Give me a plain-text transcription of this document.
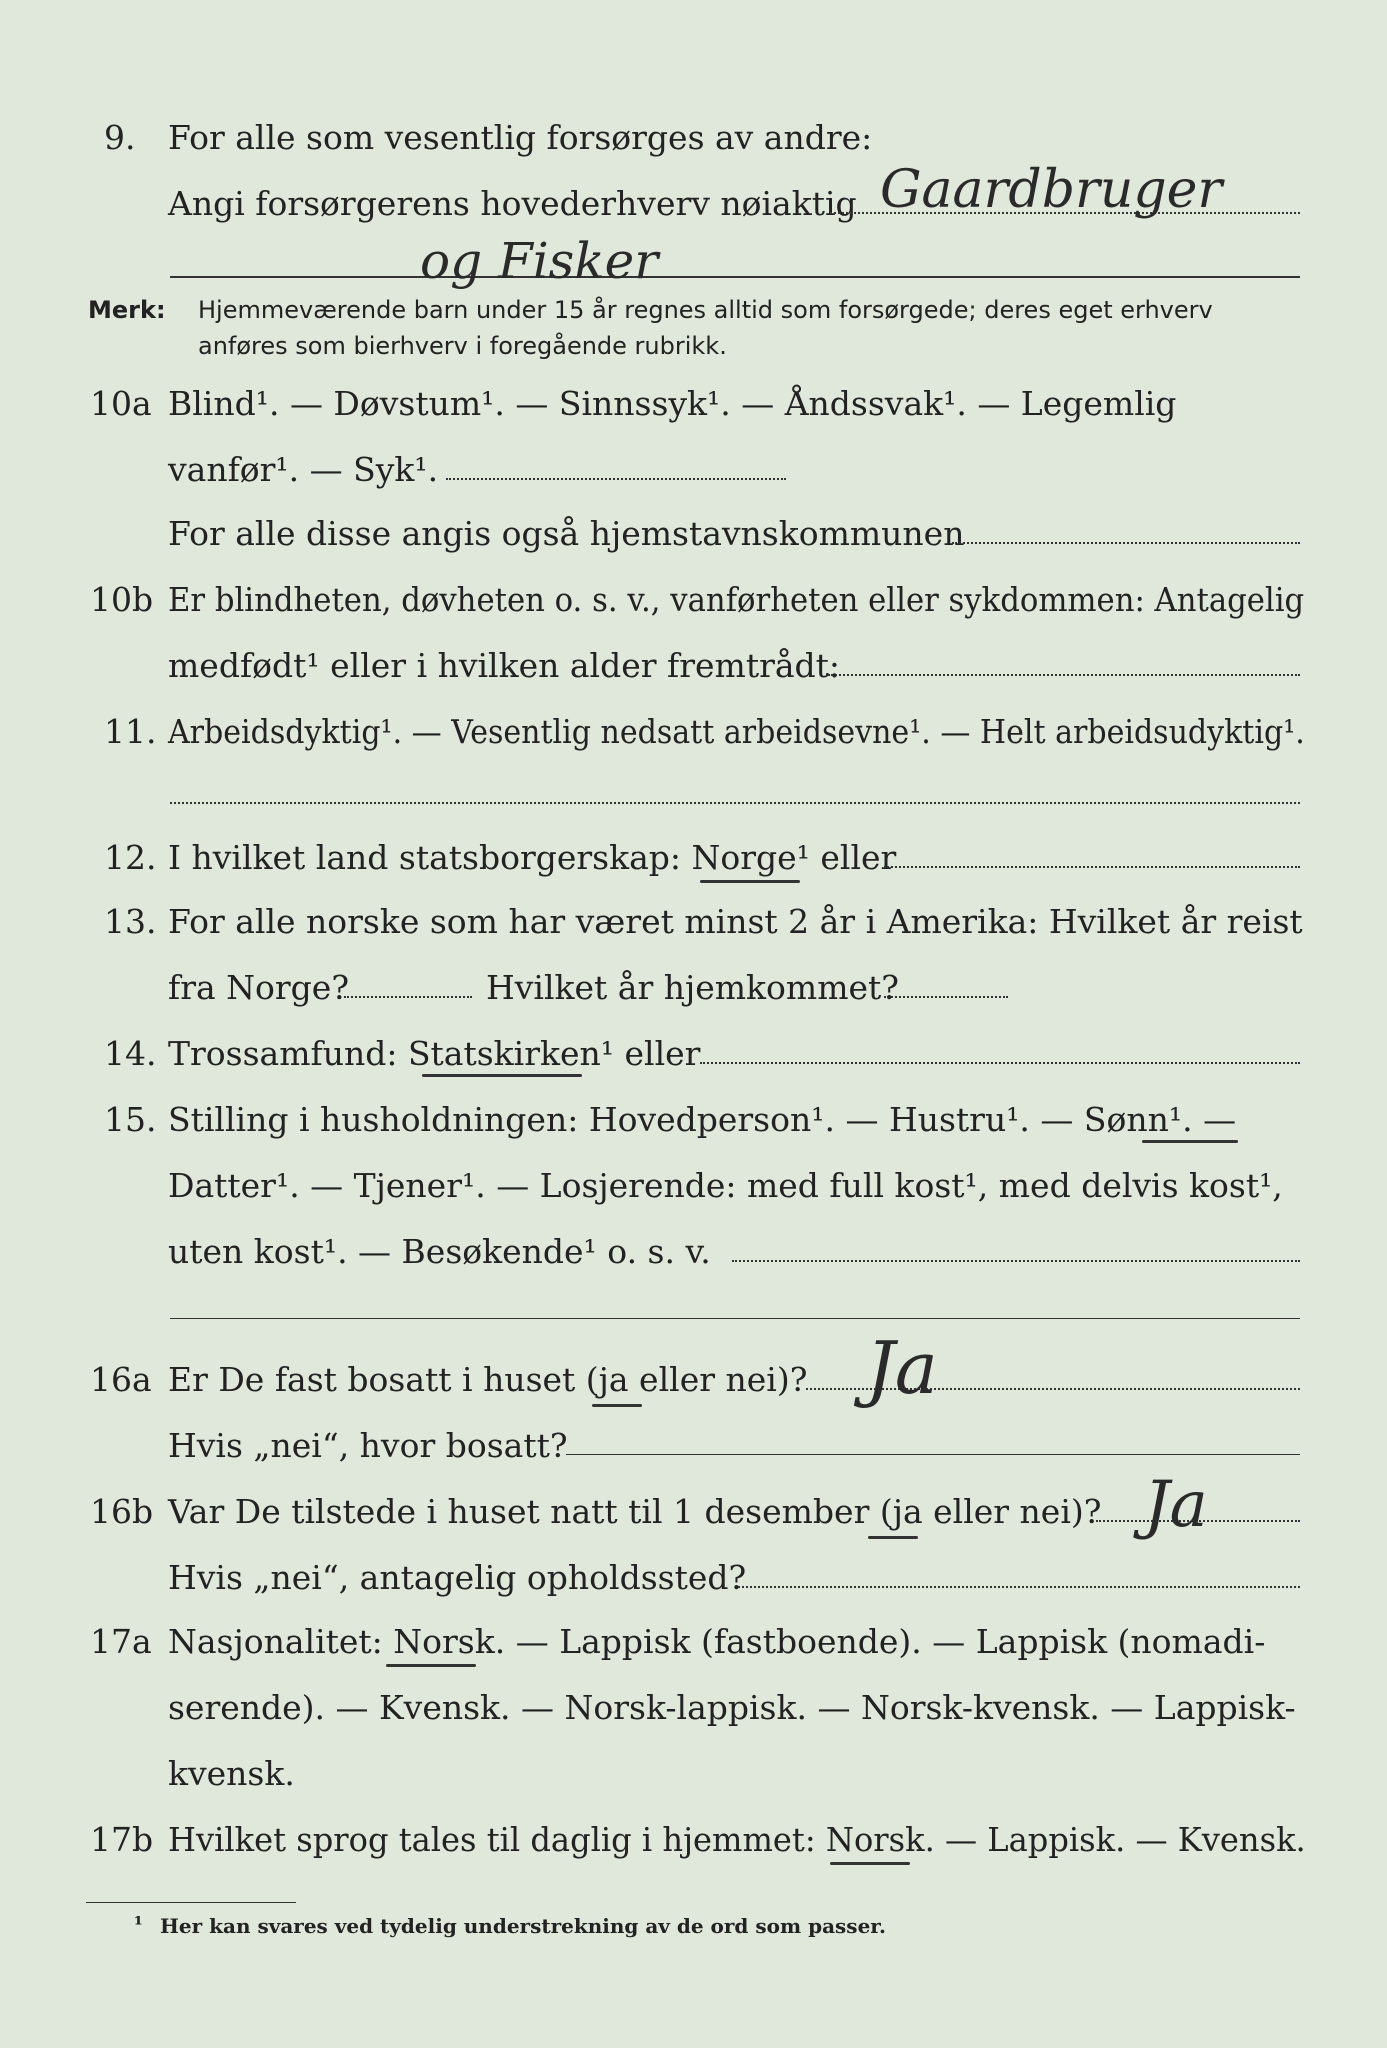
9. For alle som vesentlig forsørges av andre:
Angi forsørgerens hovederhverv nøiaktig Gaardbruger
og Fisker
Merk: Hjemmeværende barn under 15 år regnes alltid som forsørgede; deres eget erhverv
anføres som bierhverv i foregående rubrikk.
10a Blind¹. — Døvstum¹. — Sinnssyk¹. — Åndssvak¹. — Legemlig
vanfør¹. — Syk¹.
For alle disse angis også hjemstavnskommunen
10b Er blindheten, døvheten o. s. v., vanførheten eller sykdommen: Antagelig
medfødt¹ eller i hvilken alder fremtrådt:
11. Arbeidsdyktig¹. — Vesentlig nedsatt arbeidsevne¹. — Helt arbeidsudyktig¹.
12. I hvilket land statsborgerskap: Norge¹ eller
13. For alle norske som har været minst 2 år i Amerika: Hvilket år reist
fra Norge?	Hvilket år hjemkommet?
14. Trossamfund: Statskirken¹ eller
15. Stilling i husholdningen: Hovedperson¹. — Hustru¹. — Sønn¹. —
Datter¹. — Tjener¹. — Losjerende: med full kost¹, med delvis kost¹,
uten kost¹. — Besøkende¹ o. s. v.
16a Er De fast bosatt i huset (ja eller nei)? Ja
Hvis „nei“, hvor bosatt?
16b Var De tilstede i huset natt til 1 desember (ja eller nei)? Ja
Hvis „nei“, antagelig opholdssted?
17a Nasjonalitet: Norsk. — Lappisk (fastboende). — Lappisk (nomadi-
serende). — Kvensk. — Norsk-lappisk. — Norsk-kvensk. — Lappisk-
kvensk.
17b Hvilket sprog tales til daglig i hjemmet: Norsk. — Lappisk. — Kvensk.
¹ Her kan svares ved tydelig understrekning av de ord som passer.
